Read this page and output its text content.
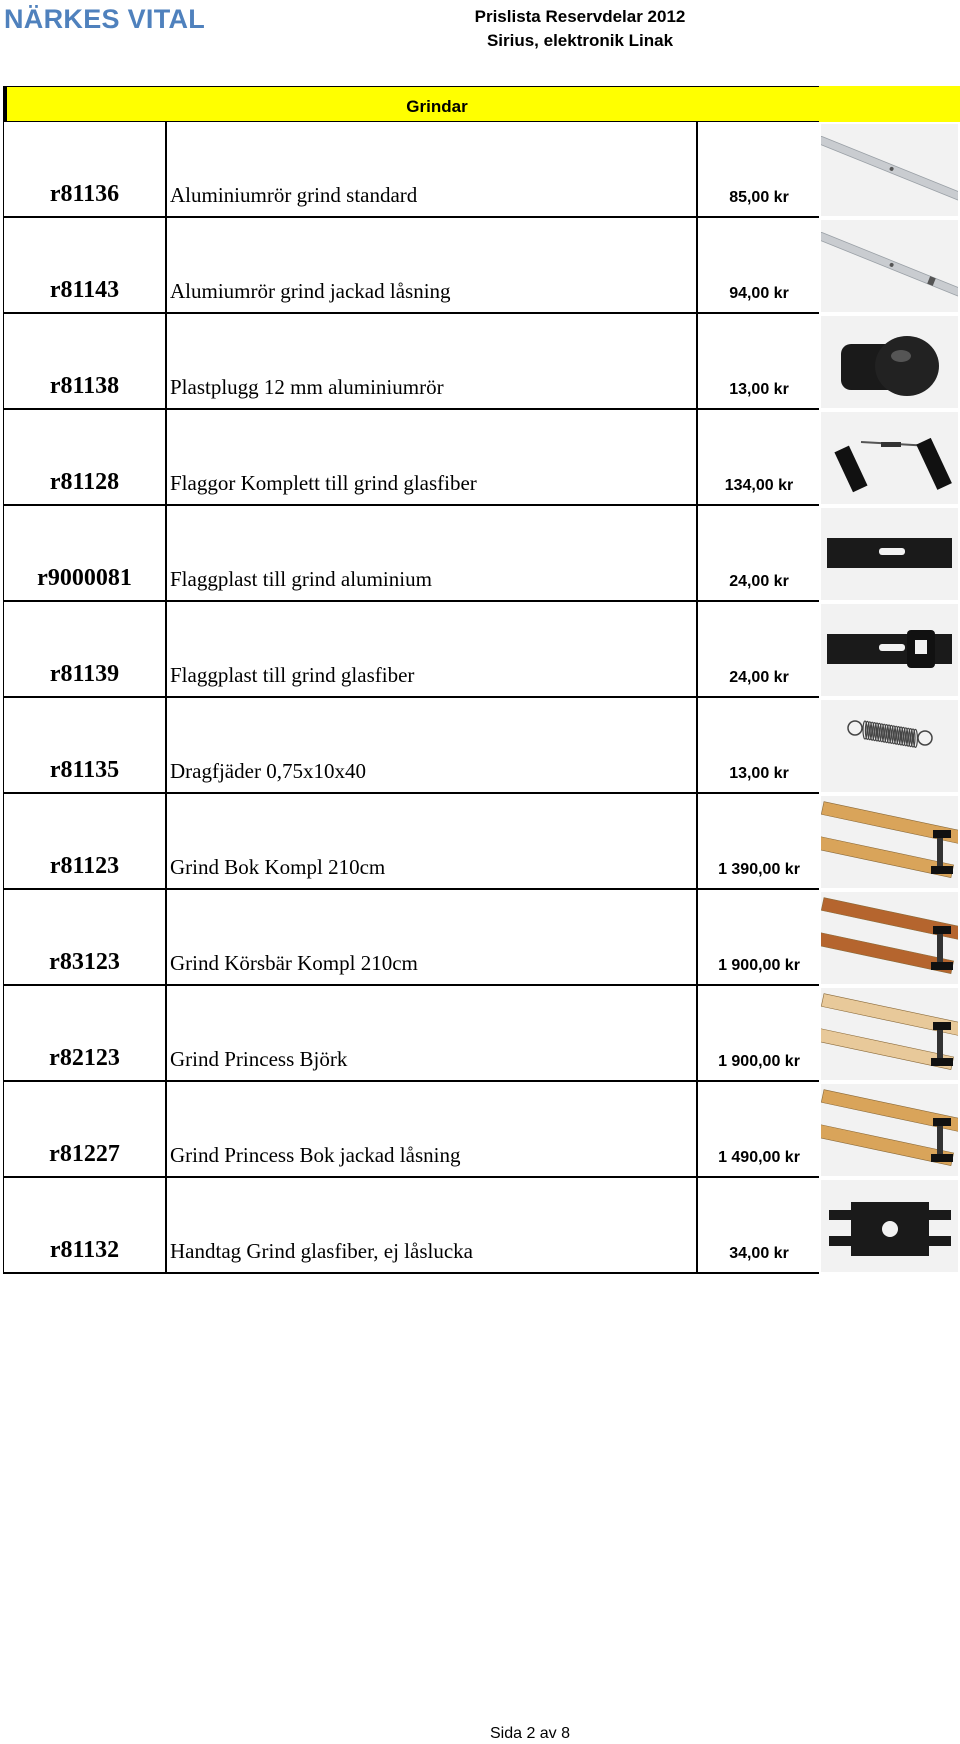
NÄRKES VITAL	Prislista Reservdelar 2012
Sirius, elektronik Linak
Grindar
r81136	Aluminiumrör grind standard	85,00 kr
r81143	Alumiumrör grind jackad låsning	94,00 kr
r81138	Plastplugg 12 mm aluminiumrör	13,00 kr
r81128	Flaggor Komplett till grind glasfiber	134,00 kr
r9000081	Flaggplast till grind aluminium	24,00 kr
r81139	Flaggplast till grind glasfiber	24,00 kr
r81135	Dragfjäder 0,75x10x40	13,00 kr
r81123	Grind Bok Kompl 210cm	1 390,00 kr
r83123	Grind Körsbär Kompl 210cm	1 900,00 kr
r82123	Grind Princess Björk	1 900,00 kr
r81227	Grind Princess Bok jackad låsning	1 490,00 kr
r81132	Handtag Grind glasfiber, ej låslucka	34,00 kr
Sida 2 av 8
